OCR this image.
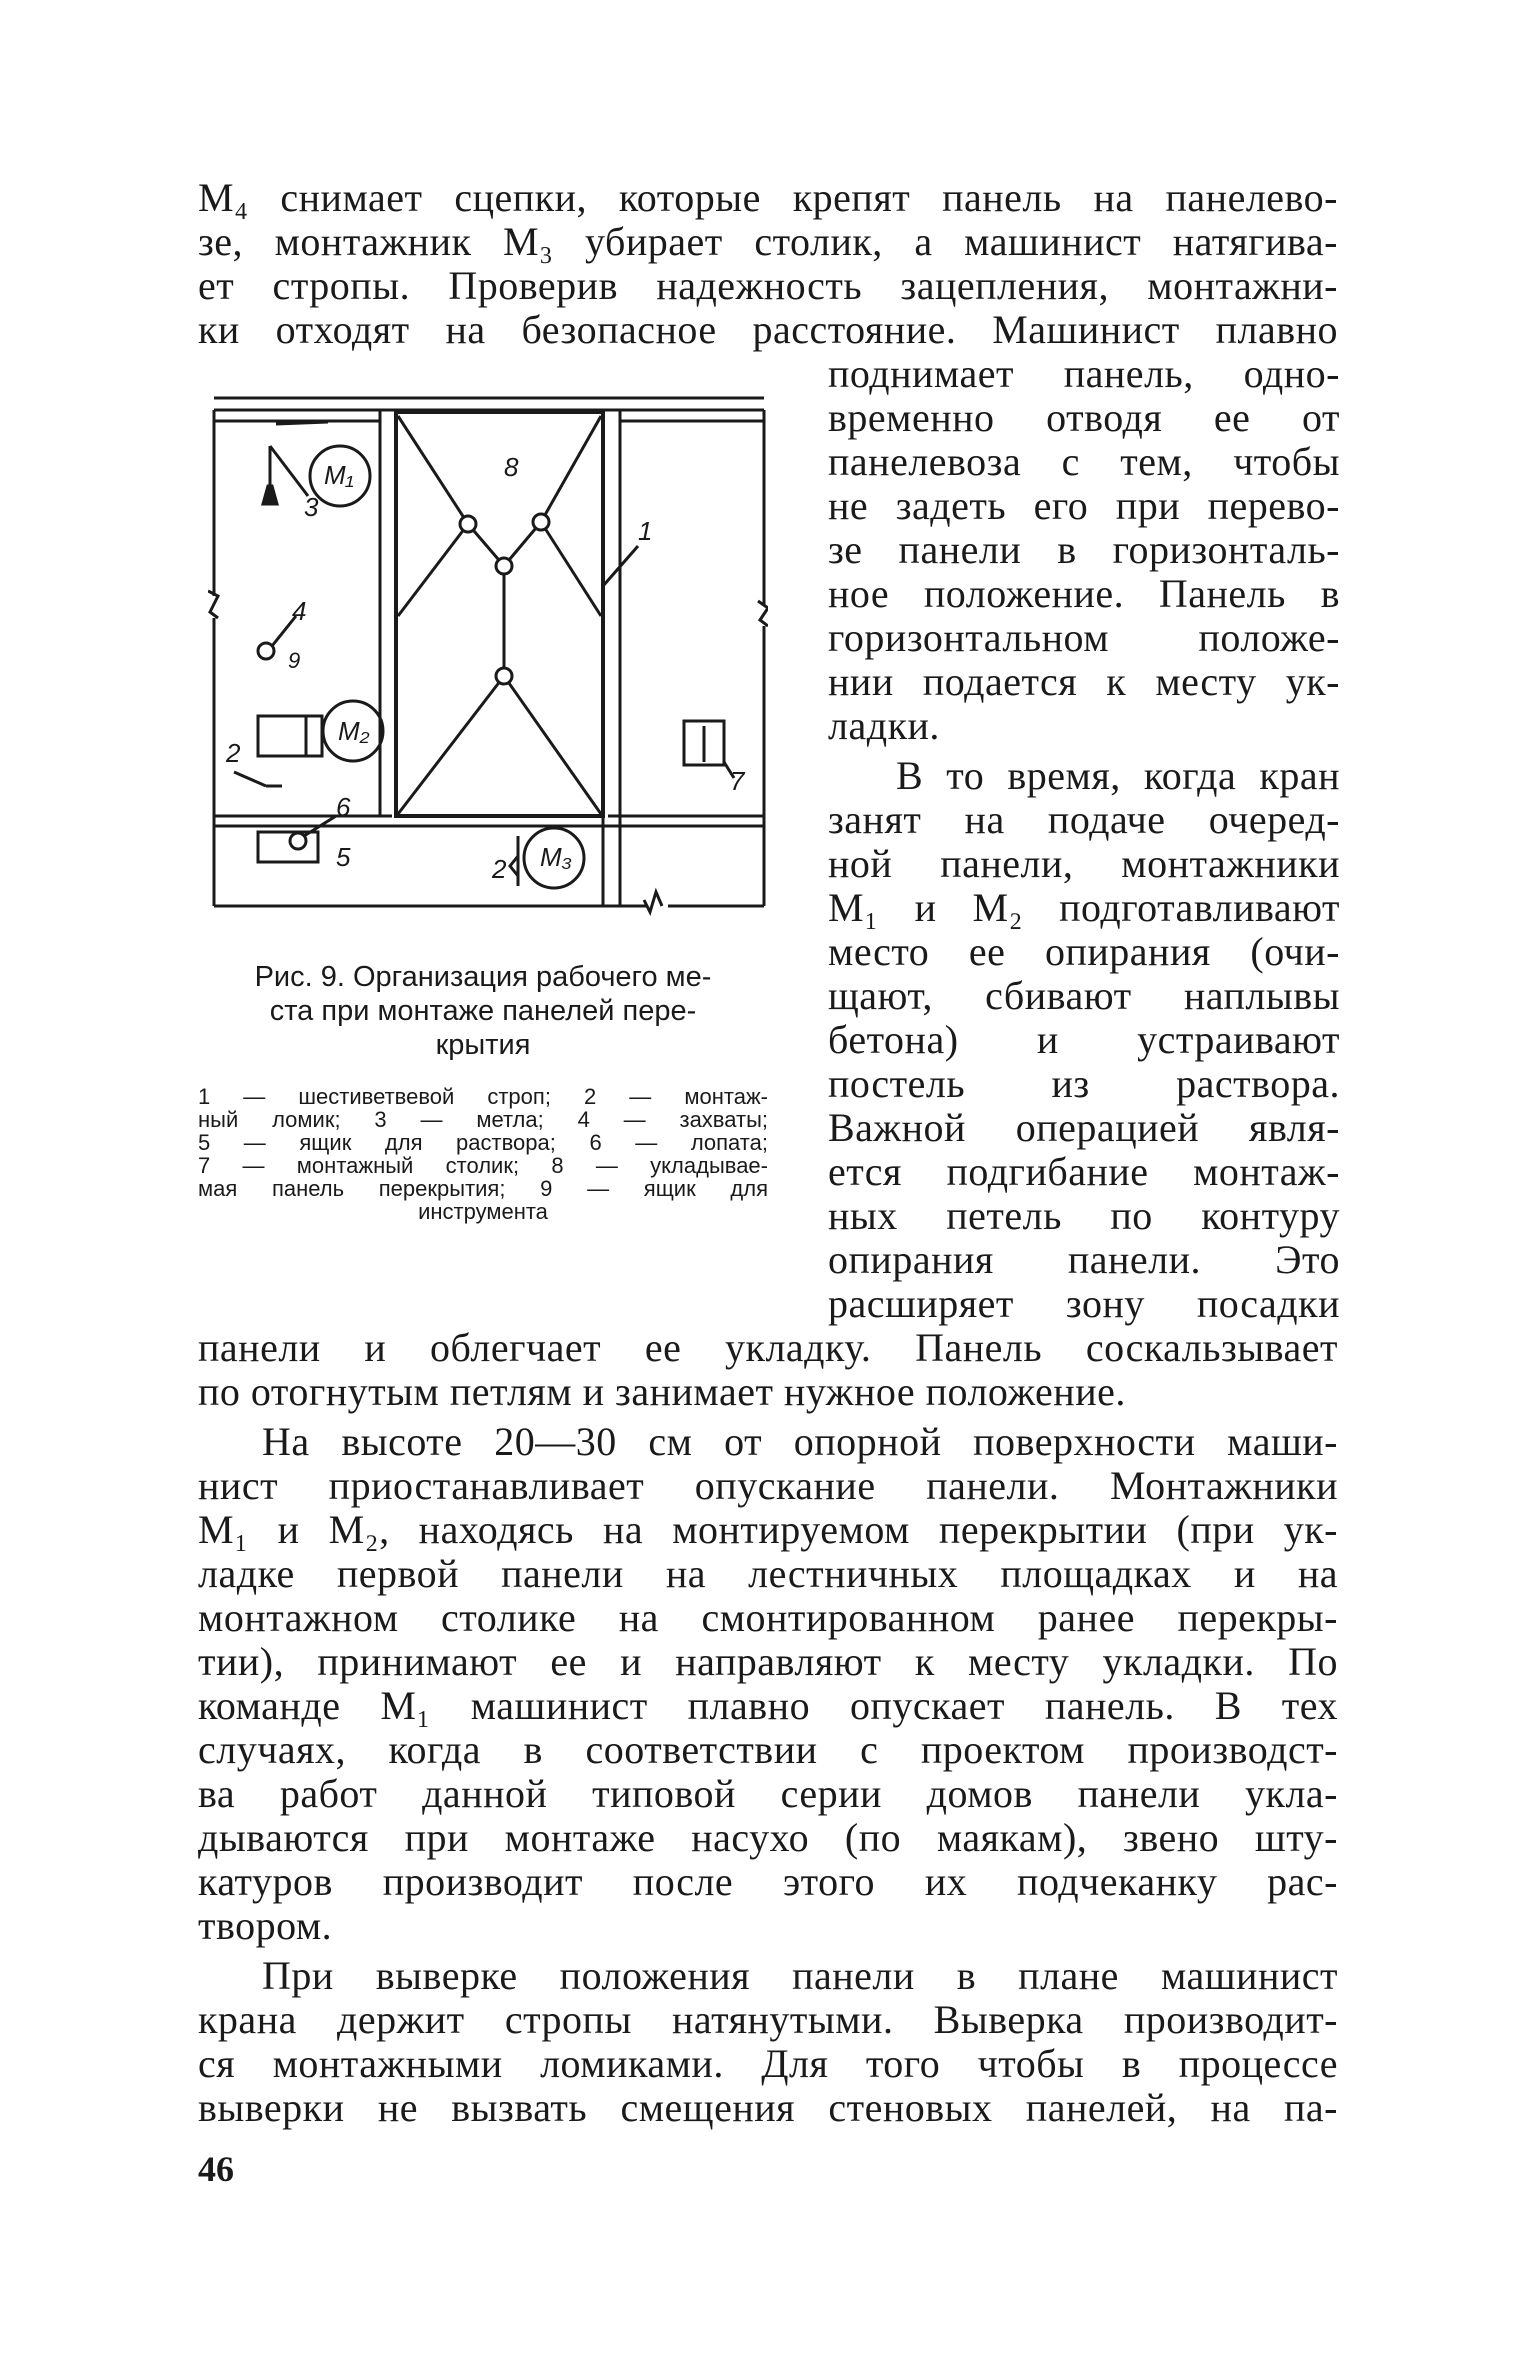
М₄ снимает сцепки, которые крепят панель на панелево-
зе, монтажник М₃ убирает столик, а машинист натягива-
ет стропы. Проверив надежность зацепления, монтажни-
ки отходят на безопасное расстояние. Машинист плавно
поднимает панель, одно-
временно отводя ее от
панелевоза с тем, чтобы
не задеть его при перево-
зе панели в горизонталь-
ное положение. Панель в
горизонтальном положе-
нии подается к месту ук-
ладки.
В то время, когда кран
занят на подаче очеред-
ной панели, монтажники
М₁ и М₂ подготавливают
место ее опирания (очи-
щают, сбивают наплывы
бетона) и устраивают
постель из раствора.
Важной операцией явля-
ется подгибание монтаж-
ных петель по контуру
опирания панели. Это
расширяет зону посадки
М₁
М₂
М₃
1
2
2
3
4
5
6
7
8
9
Рис. 9. Организация рабочего ме-
ста при монтаже панелей пере-
крытия
1 — шестиветвевой строп; 2 — монтаж-
ный ломик; 3 — метла; 4 — захваты;
5 — ящик для раствора; 6 — лопата;
7 — монтажный столик; 8 — укладывае-
мая панель перекрытия; 9 — ящик для
инструмента
панели и облегчает ее укладку. Панель соскальзывает
по отогнутым петлям и занимает нужное положение.
На высоте 20—30 см от опорной поверхности маши-
нист приостанавливает опускание панели. Монтажники
М₁ и М₂, находясь на монтируемом перекрытии (при ук-
ладке первой панели на лестничных площадках и на
монтажном столике на смонтированном ранее перекры-
тии), принимают ее и направляют к месту укладки. По
команде М₁ машинист плавно опускает панель. В тех
случаях, когда в соответствии с проектом производст-
ва работ данной типовой серии домов панели укла-
дываются при монтаже насухо (по маякам), звено шту-
катуров производит после этого их подчеканку рас-
твором.
При выверке положения панели в плане машинист
крана держит стропы натянутыми. Выверка производит-
ся монтажными ломиками. Для того чтобы в процессе
выверки не вызвать смещения стеновых панелей, на па-
46
